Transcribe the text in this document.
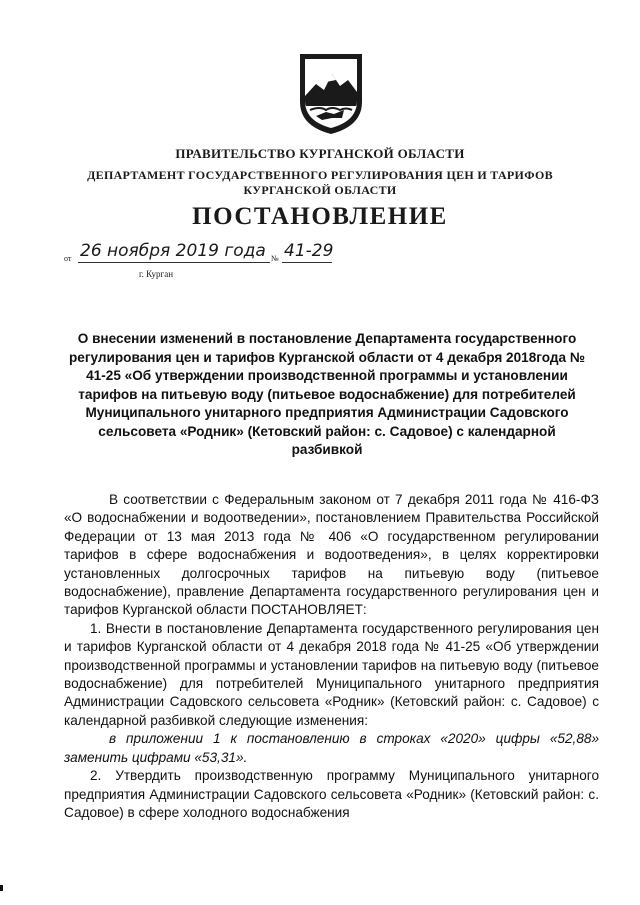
ПРАВИТЕЛЬСТВО КУРГАНСКОЙ ОБЛАСТИ
ДЕПАРТАМЕНТ ГОСУДАРСТВЕННОГО РЕГУЛИРОВАНИЯ ЦЕН И ТАРИФОВ КУРГАНСКОЙ ОБЛАСТИ
ПОСТАНОВЛЕНИЕ
от 26 ноября 2019 года № 41-29
г. Курган
О внесении изменений в постановление Департамента государственного регулирования цен и тарифов Курганской области от 4 декабря 2018года № 41-25 «Об утверждении производственной программы и установлении тарифов на питьевую воду (питьевое водоснабжение) для потребителей Муниципального унитарного предприятия Администрации Садовского сельсовета «Родник» (Кетовский район: с. Садовое) с календарной разбивкой

В соответствии с Федеральным законом от 7 декабря 2011 года № 416-ФЗ «О водоснабжении и водоотведении», постановлением Правительства Российской Федерации от 13 мая 2013 года № 406 «О государственном регулировании тарифов в сфере водоснабжения и водоотведения», в целях корректировки установленных долгосрочных тарифов на питьевую воду (питьевое водоснабжение), правление Департамента государственного регулирования цен и тарифов Курганской области ПОСТАНОВЛЯЕТ:

1. Внести в постановление Департамента государственного регулирования цен и тарифов Курганской области от 4 декабря 2018 года № 41-25 «Об утверждении производственной программы и установлении тарифов на питьевую воду (питьевое водоснабжение) для потребителей Муниципального унитарного предприятия Администрации Садовского сельсовета «Родник» (Кетовский район: с. Садовое) с календарной разбивкой следующие изменения:

в приложении 1 к постановлению в строках «2020» цифры «52,88» заменить цифрами «53,31».

2. Утвердить производственную программу Муниципального унитарного предприятия Администрации Садовского сельсовета «Родник» (Кетовский район: с. Садовое) в сфере холодного водоснабжения
